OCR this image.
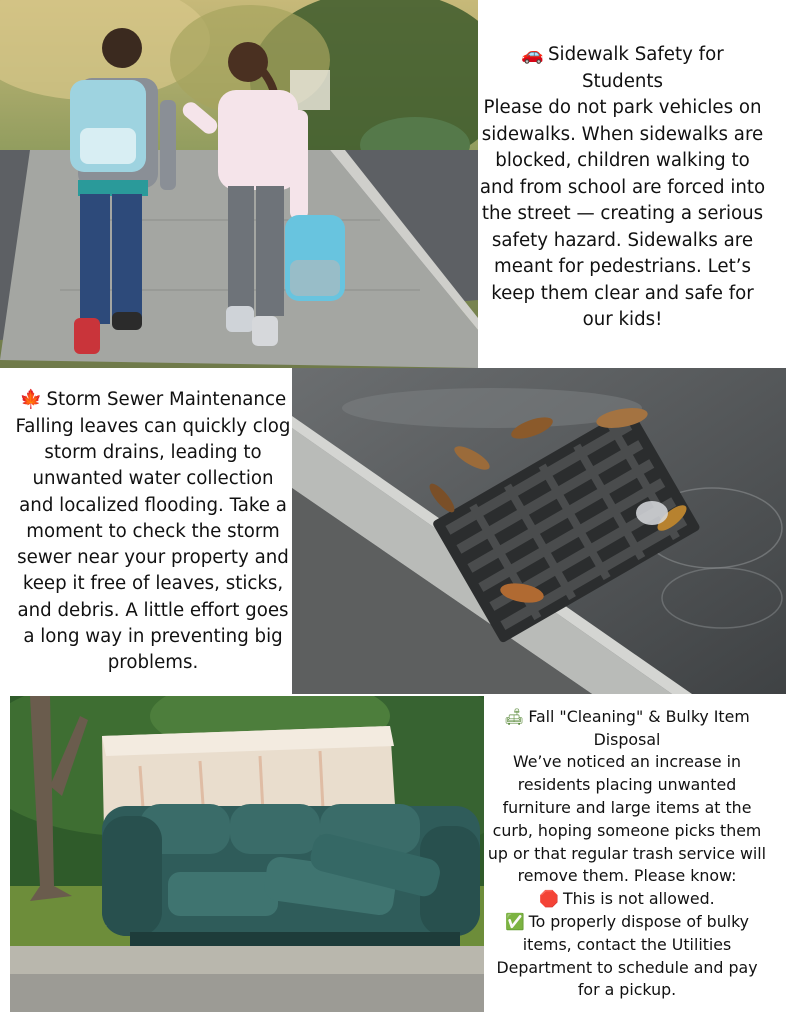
🚗 Sidewalk Safety for Students

Please do not park vehicles on sidewalks. When sidewalks are blocked, children walking to and from school are forced into the street — creating a serious safety hazard. Sidewalks are meant for pedestrians. Let’s keep them clear and safe for our kids!

🍁 Storm Sewer Maintenance

Falling leaves can quickly clog storm drains, leading to unwanted water collection and localized flooding. Take a moment to check the storm sewer near your property and keep it free of leaves, sticks, and debris. A little effort goes a long way in preventing big problems.

🛋 Fall "Cleaning" & Bulky Item Disposal

We’ve noticed an increase in residents placing unwanted furniture and large items at the curb, hoping someone picks them up or that regular trash service will remove them. Please know:

🛑 This is not allowed.
✅ To properly dispose of bulky items, contact the Utilities Department to schedule and pay for a pickup.
